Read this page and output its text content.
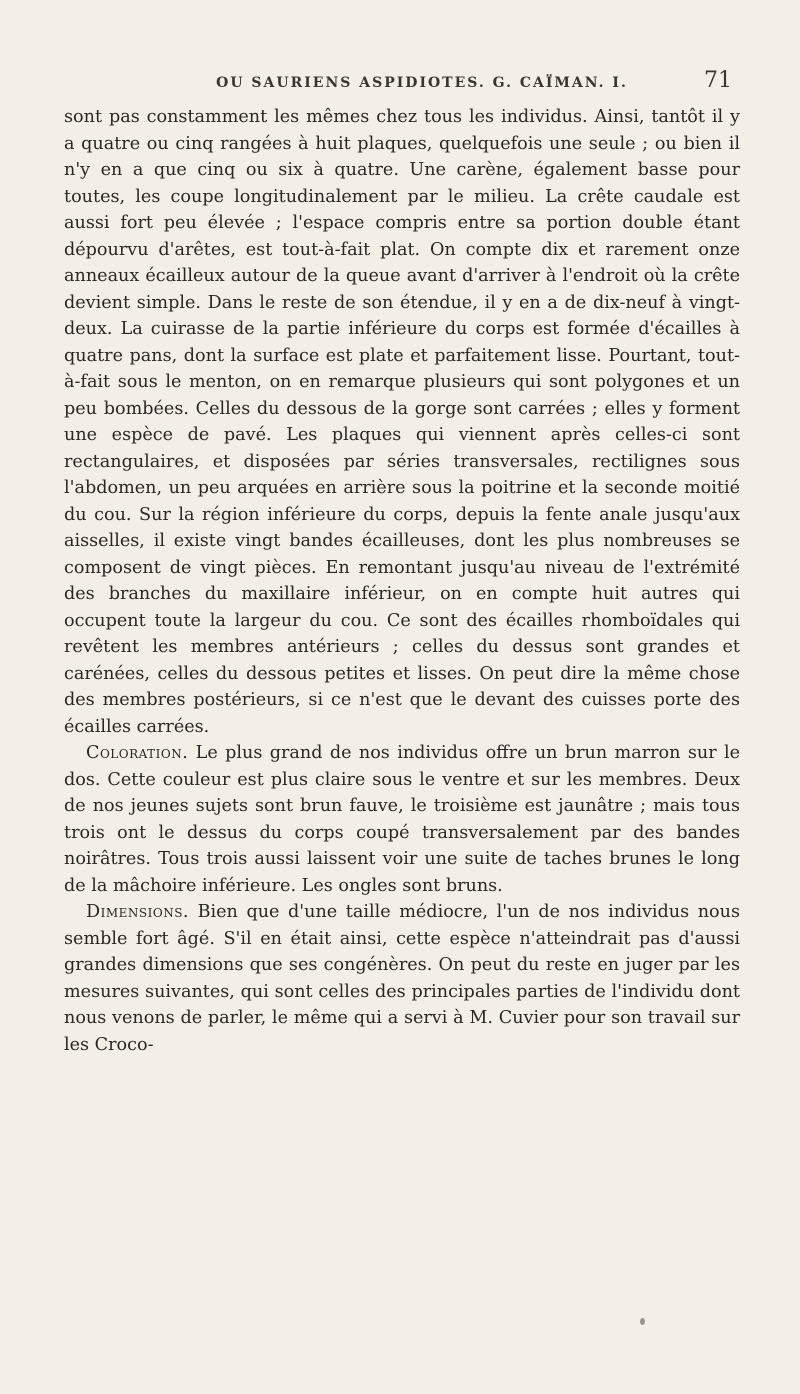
OU SAURIENS ASPIDIOTES. G. CAÏMAN. I.	71

sont pas constamment les mêmes chez tous les individus. Ainsi, tantôt il y a quatre ou cinq rangées à huit plaques, quelquefois une seule ; ou bien il n'y en a que cinq ou six à quatre. Une carène, également basse pour toutes, les coupe longitudinalement par le milieu. La crête caudale est aussi fort peu élevée ; l'espace compris entre sa portion double étant dépourvu d'arêtes, est tout-à-fait plat. On compte dix et rarement onze anneaux écailleux autour de la queue avant d'arriver à l'endroit où la crête devient simple. Dans le reste de son étendue, il y en a de dix-neuf à vingt-deux. La cuirasse de la partie inférieure du corps est formée d'écailles à quatre pans, dont la surface est plate et parfaitement lisse. Pourtant, tout-à-fait sous le menton, on en remarque plusieurs qui sont polygones et un peu bombées. Celles du dessous de la gorge sont carrées ; elles y forment une espèce de pavé. Les plaques qui viennent après celles-ci sont rectangulaires, et disposées par séries transversales, rectilignes sous l'abdomen, un peu arquées en arrière sous la poitrine et la seconde moitié du cou. Sur la région inférieure du corps, depuis la fente anale jusqu'aux aisselles, il existe vingt bandes écailleuses, dont les plus nombreuses se composent de vingt pièces. En remontant jusqu'au niveau de l'extrémité des branches du maxillaire inférieur, on en compte huit autres qui occupent toute la largeur du cou. Ce sont des écailles rhomboïdales qui revêtent les membres antérieurs ; celles du dessus sont grandes et carénées, celles du dessous petites et lisses. On peut dire la même chose des membres postérieurs, si ce n'est que le devant des cuisses porte des écailles carrées.

Coloration. Le plus grand de nos individus offre un brun marron sur le dos. Cette couleur est plus claire sous le ventre et sur les membres. Deux de nos jeunes sujets sont brun fauve, le troisième est jaunâtre ; mais tous trois ont le dessus du corps coupé transversalement par des bandes noirâtres. Tous trois aussi laissent voir une suite de taches brunes le long de la mâchoire inférieure. Les ongles sont bruns.

Dimensions. Bien que d'une taille médiocre, l'un de nos individus nous semble fort âgé. S'il en était ainsi, cette espèce n'atteindrait pas d'aussi grandes dimensions que ses congénères. On peut du reste en juger par les mesures suivantes, qui sont celles des principales parties de l'individu dont nous venons de parler, le même qui a servi à M. Cuvier pour son travail sur les Croco-
